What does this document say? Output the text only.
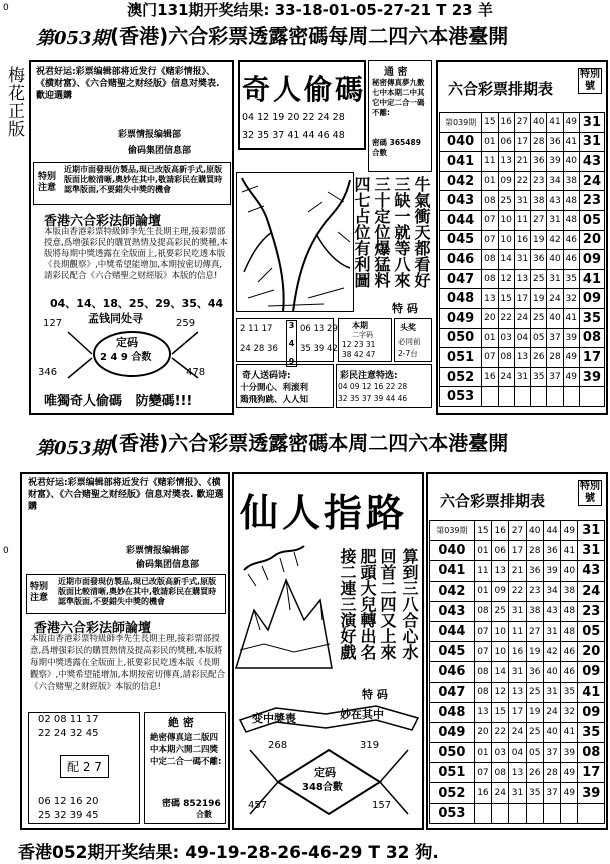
0	澳门131期开奖结果: 33-18-01-05-27-21 T 23 羊
第053期 (香港)六合彩票透露密碼每周二四六本港臺開
梅花正版	祝君好运:彩票编辑部将近发行《赌彩情报》、《横财富》、《六合赌聖之财经版》信息对奬表. 歡迎選購
彩票情报编辑部
偷码集团信息部
特别注意
近期市面發現仿製品,現已改版高新手式,原版版面比較清晰,奧妙在其中,敬請彩民在購買時認準版面,不要錯失中獎的機會
香港六合彩法師論壇
本版由香港彩票特級師李先生長期主理,接彩票部授意,爲增强彩民的購買熱情及提高彩民的獎種,本版將每期中獎透露在全版面上,祇要彩民吃透本版《長期觀察》,中獎希望能增加,本期按密切傳真,請彩民配合《六合赌聖之财經版》本版的信息!
04、14、18、25、29、35、44
孟钱同处寻
定码
2 4 9 合数
127	259
346	478
唯獨奇人偷碼   防變碼!!!
奇人偷碼
04 12 19 20 22 24 28
32 35 37 41 44 46 48
通 密
秘密傳真夢九數七中本期二中其它中定二合一碼不離:
密碼 365489 合數
牛氣衝天都看好
三缺一就等八來
三十定位爆猛料
四七占位有利圖
特 码
2 11 17
24 28 36 3 4 9 06 13 29
35 39 42
本期
二字码
12 23 31
38 42 47
头奖
必同前
2-7台
奇人送码诗:
十分開心、利滚利
鶏飛狗跳、人人知
彩民注意特选:
04 09 12 16 22 28
32 35 37 39 44 46
六合彩票排期表
特別號
第039期	15	16	27	40	41	49	31
040	01	06	17	28	36	41	31
041	11	13	21	36	39	40	43
042	01	09	22	23	34	38	24
043	08	25	31	38	43	48	23
044	07	10	11	27	31	48	05
045	07	10	16	19	42	46	20
046	08	14	31	36	40	46	09
047	08	12	13	25	31	35	41
048	13	15	17	19	24	32	09
049	20	22	24	25	40	41	35
050	01	03	04	05	37	39	08
051	07	08	13	26	28	49	17
052	16	24	31	35	37	49	39
053							
第053期 (香港)六合彩票透露密碼本周二四六本港臺開
0
祝君好运:彩票编辑部将近发行《赌彩情报》、《横财富》、《六合赌聖之财经版》信息对奬表. 歡迎選購
彩票情报编辑部
偷码集团信息部
特别注意
近期市面發現仿製品,現已改版高新手式,原版版面比較清晰,奧妙在其中,敬請彩民在購買時認準版面,不要錯失中獎的機會
香港六合彩法師論壇
本版由香港彩票特級師李先生長期主理,接彩票部授意,爲增强彩民的購買熱情及提高彩民的獎種,本版將每期中獎透露在全版面上,祇要彩民吃透本版《長期觀察》,中獎希望能增加,本期按密切傳真,請彩民配合《六合赌聖之财經版》本版的信息!
02 08 11 17
22 24 32 45
配 2 7
06 12 16 20
25 32 39 45
絶 密
絶密傳真這二版四中本期六開二四獎中定二合一碼不離:
密碼 852196
合數
仙人指路
接二連三演好戲 肥頭大兒轉出名 回首二四又上來 算到三八合心水
特 码
变中奬喪	妙在其中
定码
348合數
268	319
457	157
六合彩票排期表
特別號
第039期	15	16	27	40	44	49	31
040	01	06	17	28	36	41	31
041	11	13	21	36	39	40	43
042	01	09	22	23	34	38	24
043	08	25	31	38	43	48	23
044	07	10	11	27	31	48	05
045	07	10	16	19	42	46	20
046	08	14	31	36	40	46	09
047	08	12	13	25	31	35	41
048	13	15	17	19	24	32	09
049	20	22	24	25	40	41	35
050	01	03	04	05	37	39	08
051	07	08	13	26	28	49	17
052	16	24	31	35	37	49	39
053							
香港052期开奖结果: 49-19-28-26-46-29 T 32 狗.
